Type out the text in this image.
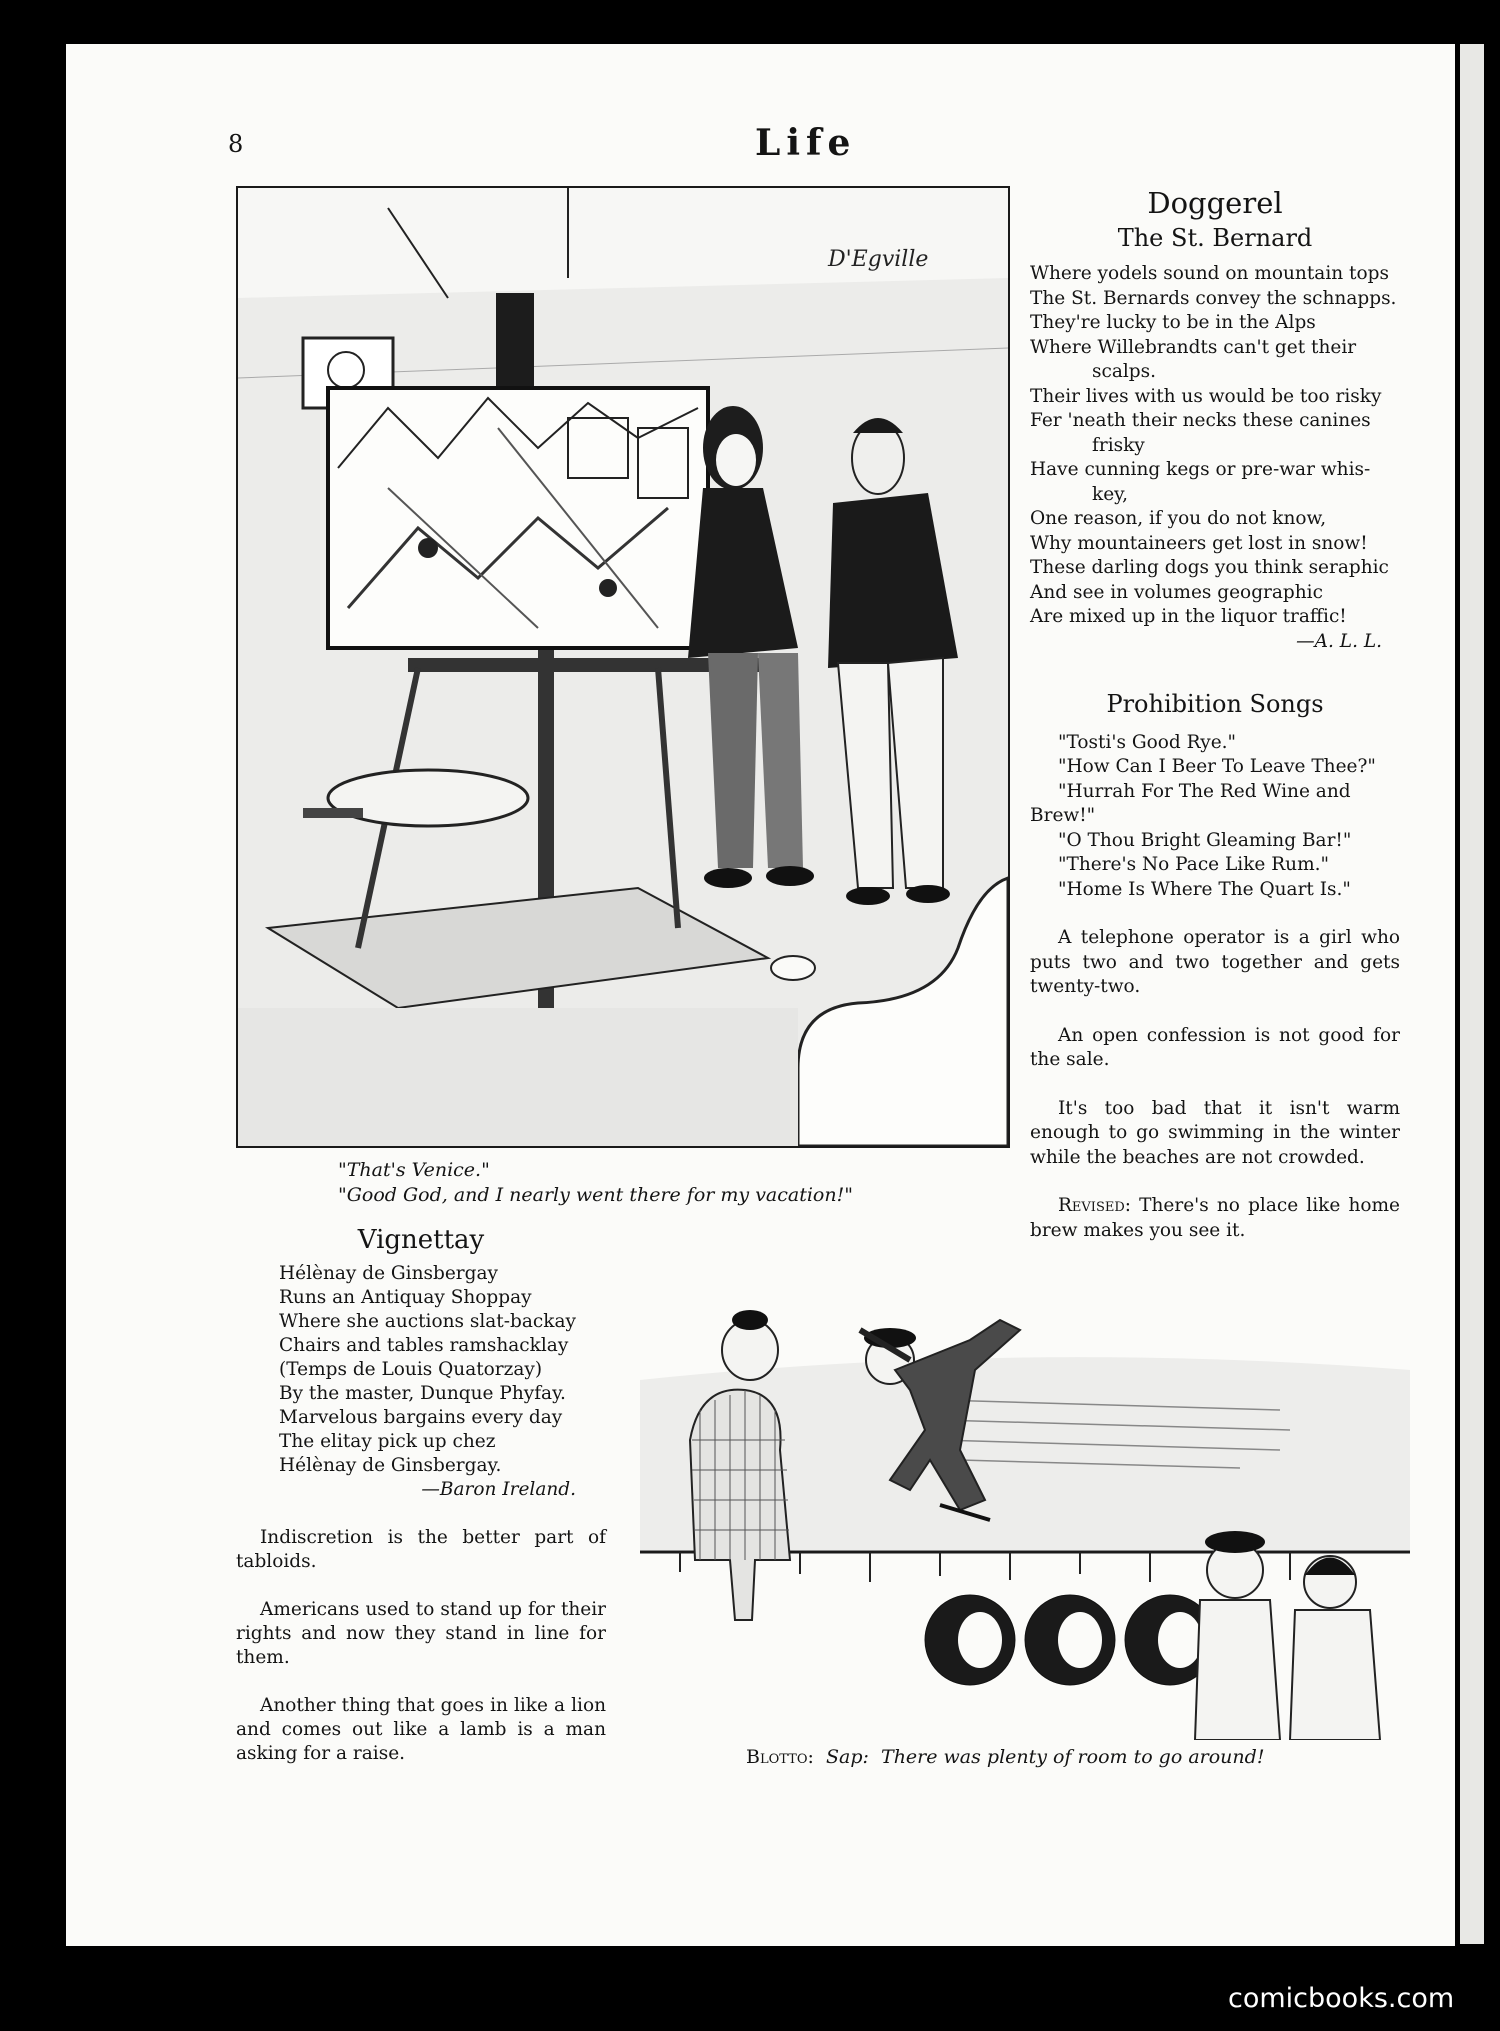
8	Life
D'Egville
"That's Venice."
"Good God, and I nearly went there for my vacation!"
Doggerel
The St. Bernard
Where yodels sound on mountain tops
The St. Bernards convey the schnapps.
They're lucky to be in the Alps
Where Willebrandts can't get their
scalps.
Their lives with us would be too risky
Fer 'neath their necks these canines
frisky
Have cunning kegs or pre-war whis-
key,
One reason, if you do not know,
Why mountaineers get lost in snow!
These darling dogs you think seraphic
And see in volumes geographic
Are mixed up in the liquor traffic!
—A. L. L.
Prohibition Songs
"Tosti's Good Rye."
"How Can I Beer To Leave Thee?"
"Hurrah For The Red Wine and
Brew!"
"O Thou Bright Gleaming Bar!"
"There's No Pace Like Rum."
"Home Is Where The Quart Is."
A telephone operator is a girl who puts two and two together and gets twenty-two.
An open confession is not good for the sale.
It's too bad that it isn't warm enough to go swimming in the winter while the beaches are not crowded.
Revised: There's no place like home brew makes you see it.
Vignettay
Hélènay de Ginsbergay
Runs an Antiquay Shoppay
Where she auctions slat-backay
Chairs and tables ramshacklay
(Temps de Louis Quatorzay)
By the master, Dunque Phyfay.
Marvelous bargains every day
The elitay pick up chez
Hélènay de Ginsbergay.
—Baron Ireland.
Indiscretion is the better part of tabloids.
Americans used to stand up for their rights and now they stand in line for them.
Another thing that goes in like a lion and comes out like a lamb is a man asking for a raise.	Blotto: Sap: There was plenty of room to go around!
comicbooks.com
